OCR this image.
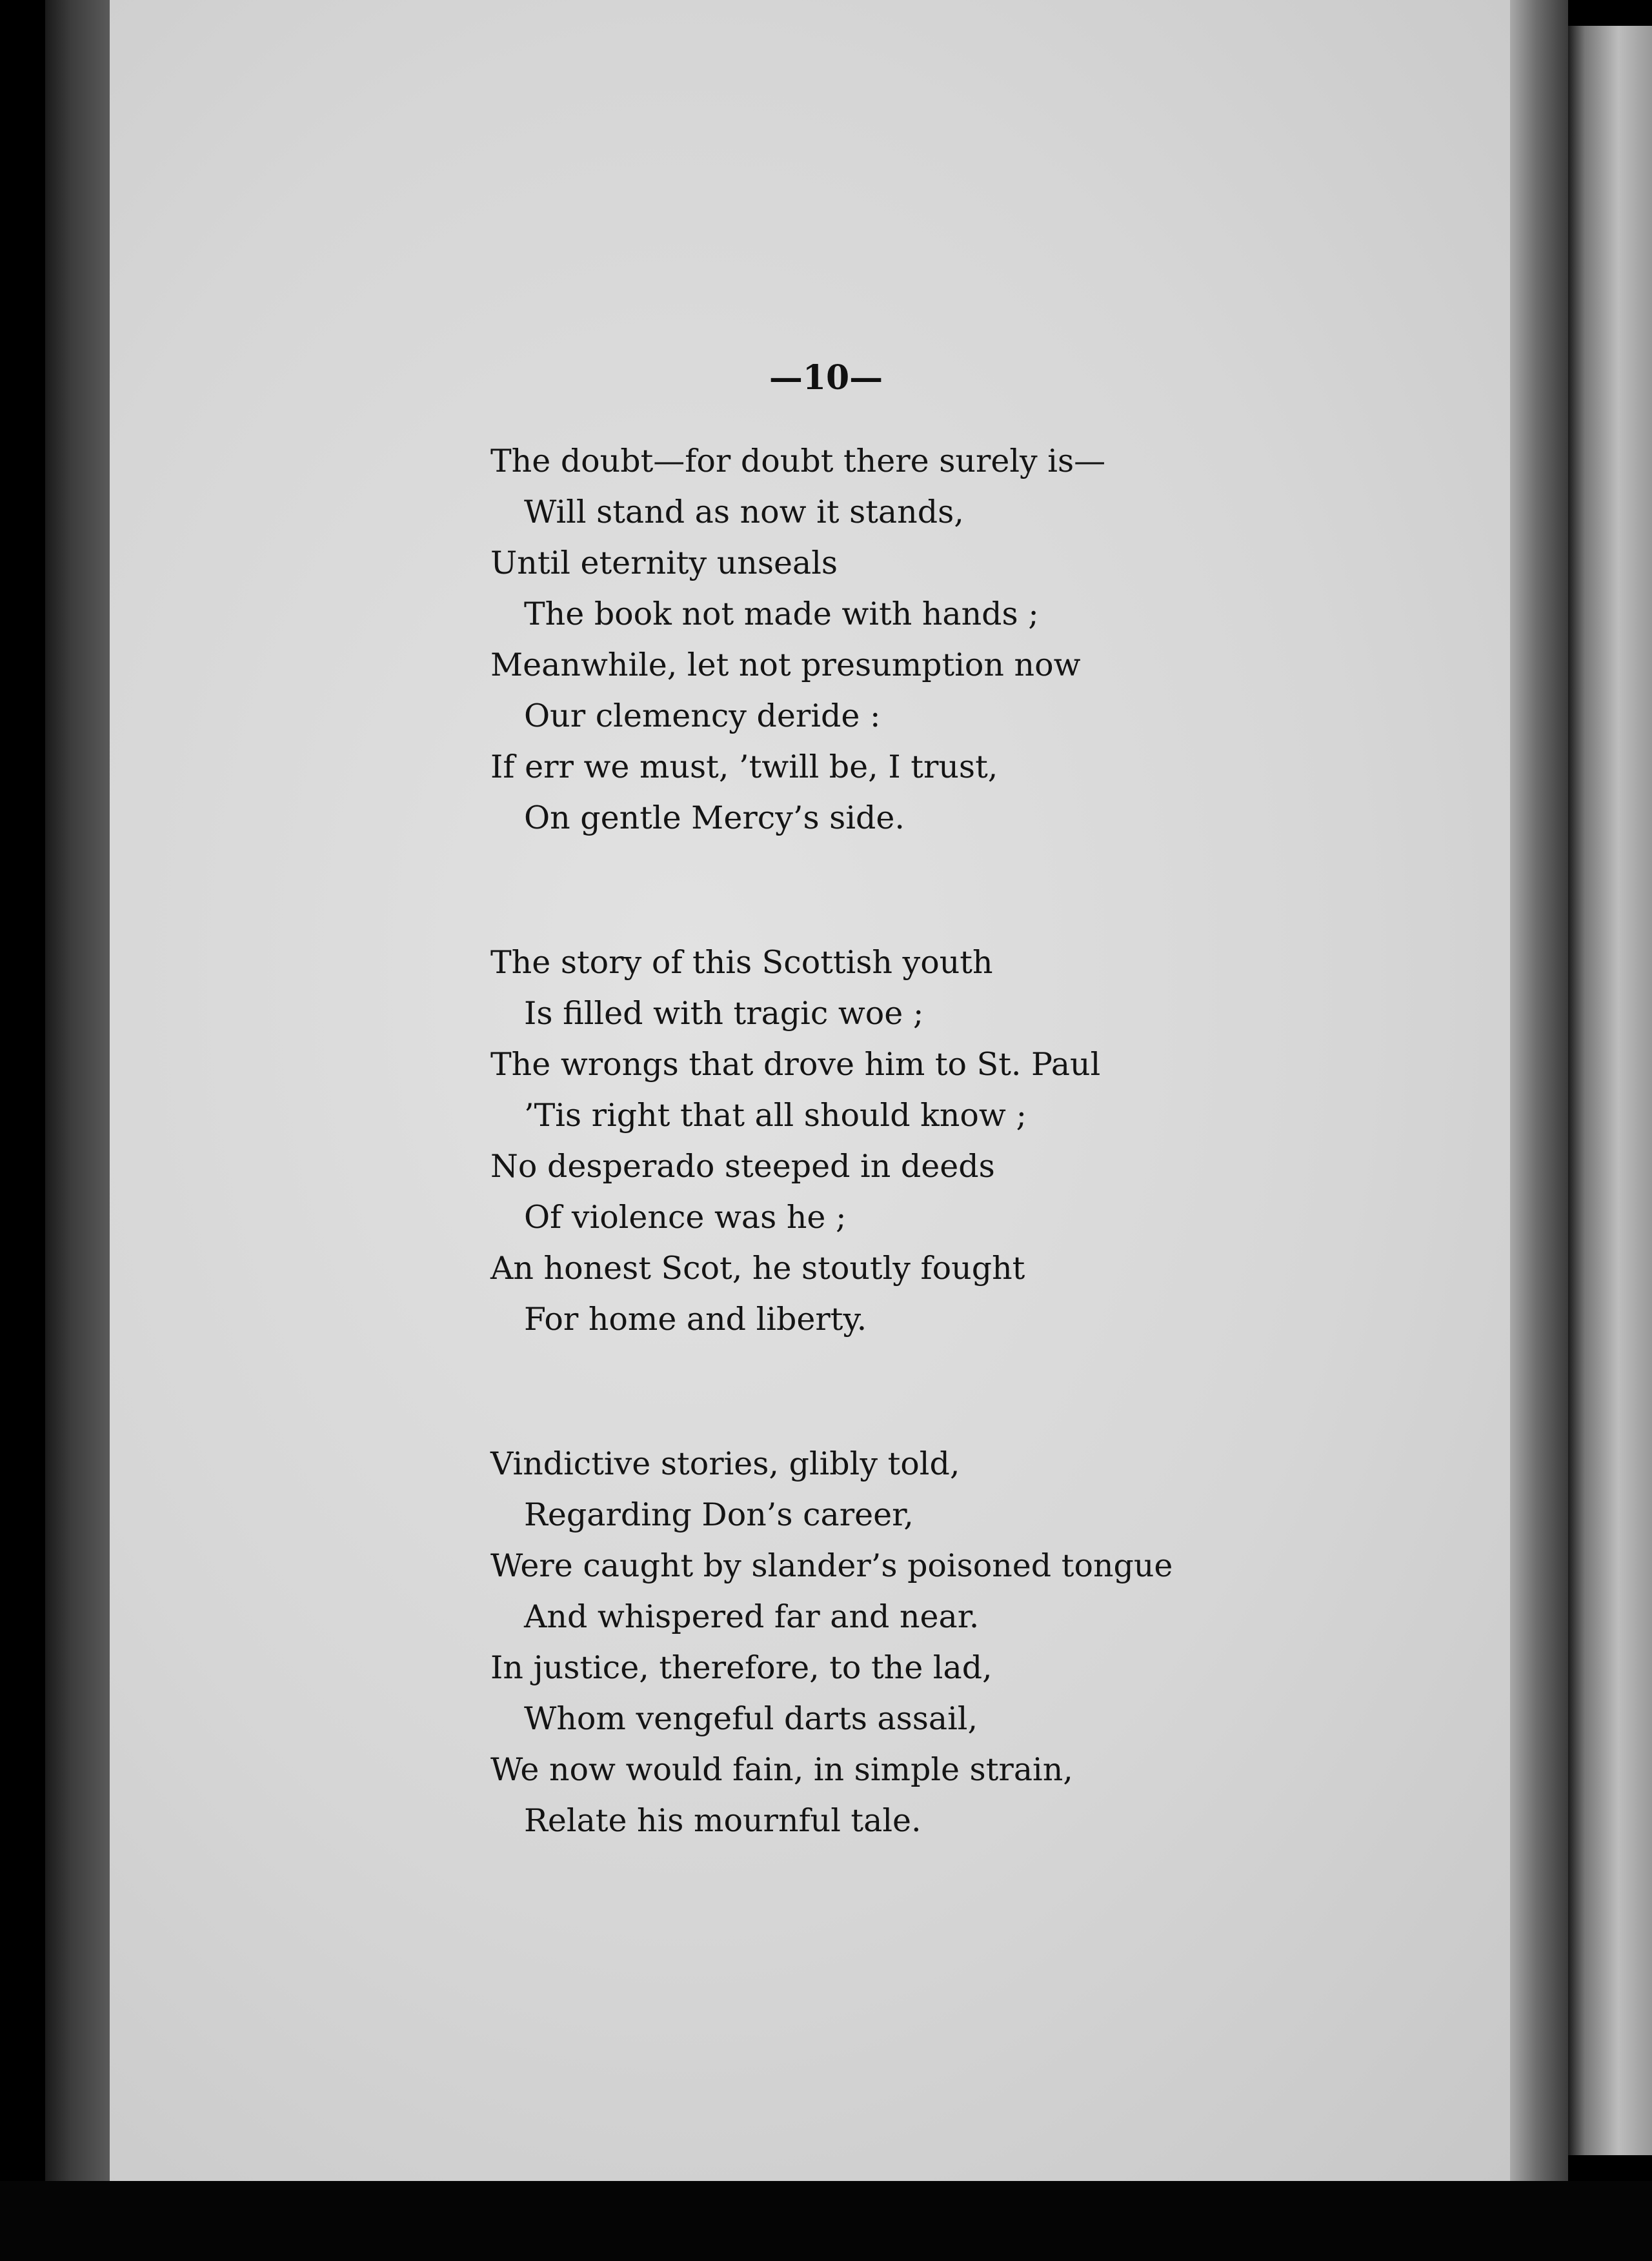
—10—

The doubt—for doubt there surely is—
Will stand as now it stands,
Until eternity unseals
The book not made with hands ;
Meanwhile, let not presumption now
Our clemency deride :
If err we must, ’twill be, I trust,
On gentle Mercy’s side.
The story of this Scottish youth
Is filled with tragic woe ;
The wrongs that drove him to St. Paul
’Tis right that all should know ;
No desperado steeped in deeds
Of violence was he ;
An honest Scot, he stoutly fought
For home and liberty.
Vindictive stories, glibly told,
Regarding Don’s career,
Were caught by slander’s poisoned tongue
And whispered far and near.
In justice, therefore, to the lad,
Whom vengeful darts assail,
We now would fain, in simple strain,
Relate his mournful tale.
